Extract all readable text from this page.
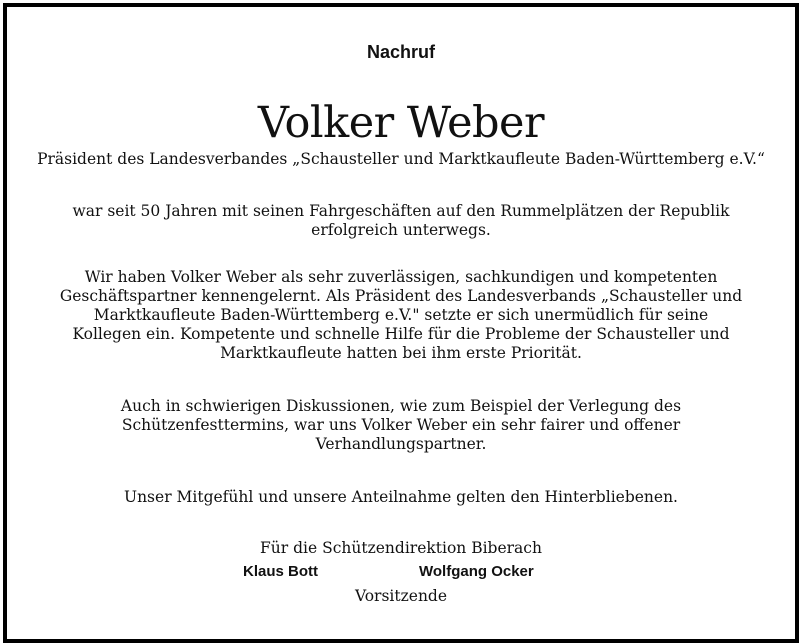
Nachruf
Volker Weber
Präsident des Landesverbandes „Schausteller und Marktkaufleute Baden-Württemberg e.V.“
war seit 50 Jahren mit seinen Fahrgeschäften auf den Rummelplätzen der Republik
erfolgreich unterwegs.
Wir haben Volker Weber als sehr zuverlässigen, sachkundigen und kompetenten
Geschäftspartner kennengelernt. Als Präsident des Landesverbands „Schausteller und
Marktkaufleute Baden-Württemberg e.V." setzte er sich unermüdlich für seine
Kollegen ein. Kompetente und schnelle Hilfe für die Probleme der Schausteller und
Marktkaufleute hatten bei ihm erste Priorität.
Auch in schwierigen Diskussionen, wie zum Beispiel der Verlegung des
Schützenfesttermins, war uns Volker Weber ein sehr fairer und offener
Verhandlungspartner.
Unser Mitgefühl und unsere Anteilnahme gelten den Hinterbliebenen.
Für die Schützendirektion Biberach
Klaus Bott	Wolfgang Ocker
Vorsitzende
